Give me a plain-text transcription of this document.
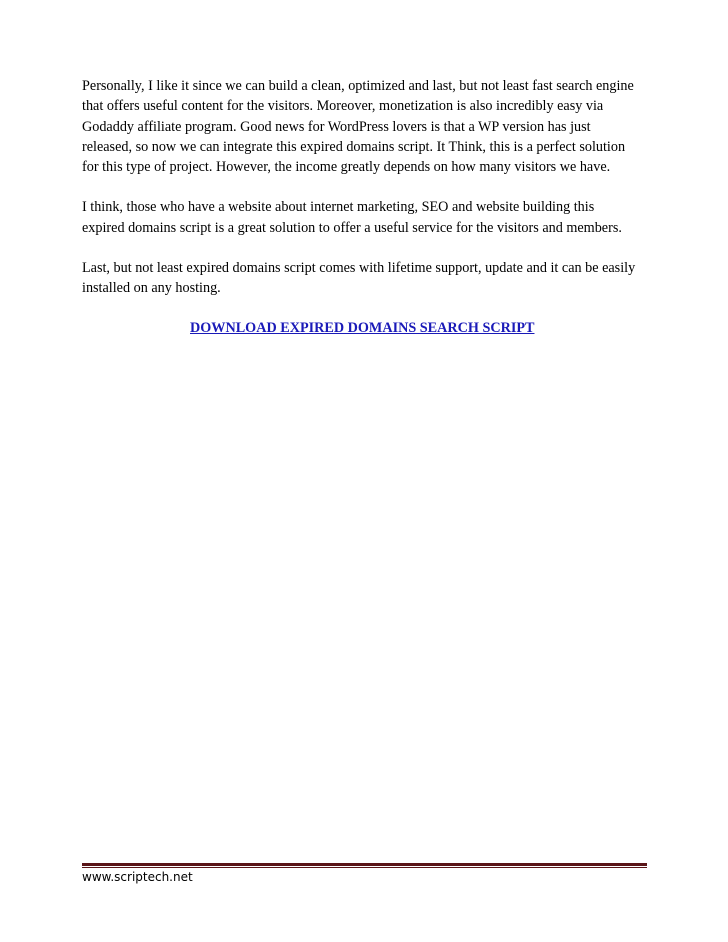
Personally, I like it since we can build a clean, optimized and last, but not least fast search engine
that offers useful content for the visitors. Moreover, monetization is also incredibly easy via
Godaddy affiliate program. Good news for WordPress lovers is that a WP version has just
released, so now we can integrate this expired domains script. It Think, this is a perfect solution
for this type of project. However, the income greatly depends on how many visitors we have.

I think, those who have a website about internet marketing, SEO and website building this
expired domains script is a great solution to offer a useful service for the visitors and members.

Last, but not least expired domains script comes with lifetime support, update and it can be easily
installed on any hosting.

DOWNLOAD EXPIRED DOMAINS SEARCH SCRIPT
www.scriptech.net
